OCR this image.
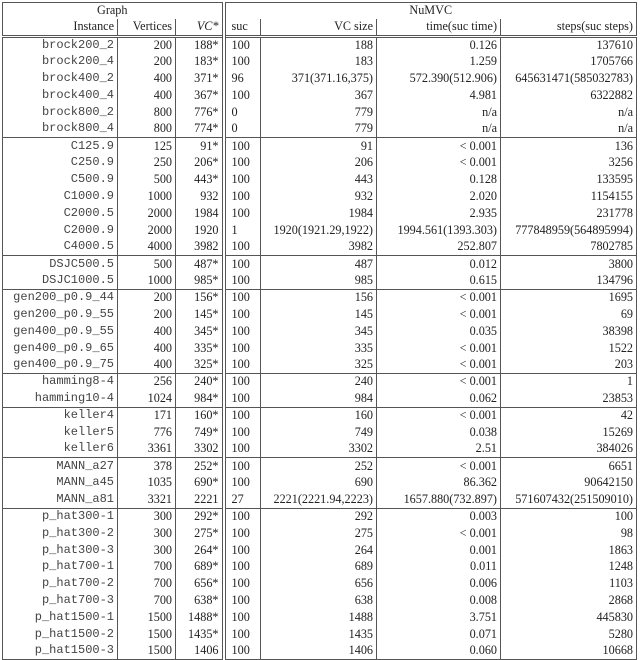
Graph			NuMVC			
Instance	Vertices	VC*	suc	VC size	time(suc time)	steps(suc steps)
brock200_2	200	188*	100	188	0.126	137610
brock200_4	200	183*	100	183	1.259	1705766
brock400_2	400	371*	96	371(371.16,375)	572.390(512.906)	645631471(585032783)
brock400_4	400	367*	100	367	4.981	6322882
brock800_2	800	776*	0	779	n/a	n/a
brock800_4	800	774*	0	779	n/a	n/a
C125.9	125	91*	100	91	< 0.001	136
C250.9	250	206*	100	206	< 0.001	3256
C500.9	500	443*	100	443	0.128	133595
C1000.9	1000	932	100	932	2.020	1154155
C2000.5	2000	1984	100	1984	2.935	231778
C2000.9	2000	1920	1	1920(1921.29,1922)	1994.561(1393.303)	777848959(564895994)
C4000.5	4000	3982	100	3982	252.807	7802785
DSJC500.5	500	487*	100	487	0.012	3800
DSJC1000.5	1000	985*	100	985	0.615	134796
gen200_p0.9_44	200	156*	100	156	< 0.001	1695
gen200_p0.9_55	200	145*	100	145	< 0.001	69
gen400_p0.9_55	400	345*	100	345	0.035	38398
gen400_p0.9_65	400	335*	100	335	< 0.001	1522
gen400_p0.9_75	400	325*	100	325	< 0.001	203
hamming8-4	256	240*	100	240	< 0.001	1
hamming10-4	1024	984*	100	984	0.062	23853
keller4	171	160*	100	160	< 0.001	42
keller5	776	749*	100	749	0.038	15269
keller6	3361	3302	100	3302	2.51	384026
MANN_a27	378	252*	100	252	< 0.001	6651
MANN_a45	1035	690*	100	690	86.362	90642150
MANN_a81	3321	2221	27	2221(2221.94,2223)	1657.880(732.897)	571607432(251509010)
p_hat300-1	300	292*	100	292	0.003	100
p_hat300-2	300	275*	100	275	< 0.001	98
p_hat300-3	300	264*	100	264	0.001	1863
p_hat700-1	700	689*	100	689	0.011	1248
p_hat700-2	700	656*	100	656	0.006	1103
p_hat700-3	700	638*	100	638	0.008	2868
p_hat1500-1	1500	1488*	100	1488	3.751	445830
p_hat1500-2	1500	1435*	100	1435	0.071	5280
p_hat1500-3	1500	1406	100	1406	0.060	10668
